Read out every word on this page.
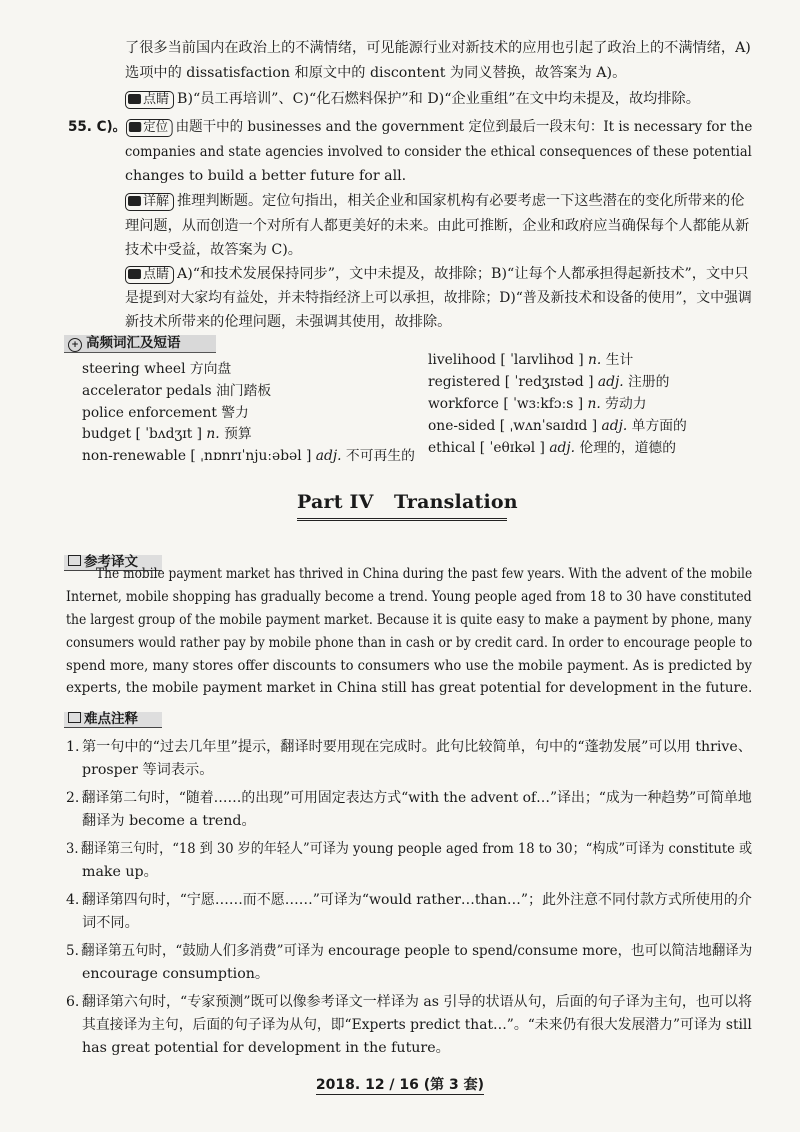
了很多当前国内在政治上的不满情绪，可见能源行业对新技术的应用也引起了政治上的不满情绪，A)
选项中的 dissatisfaction 和原文中的 discontent 为同义替换，故答案为 A)。
点睛 B)“员工再培训”、C)“化石燃料保护”和 D)“企业重组”在文中均未提及，故均排除。
55. C)。 定位 由题干中的 businesses and the government 定位到最后一段末句：It is necessary for the
companies and state agencies involved to consider the ethical consequences of these potential
changes to build a better future for all.
详解 推理判断题。定位句指出，相关企业和国家机构有必要考虑一下这些潜在的变化所带来的伦
理问题，从而创造一个对所有人都更美好的未来。由此可推断，企业和政府应当确保每个人都能从新
技术中受益，故答案为 C)。
点睛 A)“和技术发展保持同步”，文中未提及，故排除；B)“让每个人都承担得起新技术”，文中只
是提到对大家均有益处，并未特指经济上可以承担，故排除；D)“普及新技术和设备的使用”，文中强调
新技术所带来的伦理问题，未强调其使用，故排除。
+ 高频词汇及短语
steering wheel 方向盘
accelerator pedals 油门踏板
police enforcement 警力
budget [ ˈbʌdʒɪt ] n. 预算
non-renewable [ ˌnɒnrɪˈnjuːəbəl ] adj. 不可再生的
livelihood [ ˈlaɪvlihʊd ] n. 生计
registered [ ˈredʒɪstəd ] adj. 注册的
workforce [ ˈwɜːkfɔːs ] n. 劳动力
one-sided [ ˌwʌnˈsaɪdɪd ] adj. 单方面的
ethical [ ˈeθɪkəl ] adj. 伦理的，道德的
Part IV   Translation
参考译文
The mobile payment market has thrived in China during the past few years. With the advent of the mobile
Internet, mobile shopping has gradually become a trend. Young people aged from 18 to 30 have constituted
the largest group of the mobile payment market. Because it is quite easy to make a payment by phone, many
consumers would rather pay by mobile phone than in cash or by credit card. In order to encourage people to
spend more, many stores offer discounts to consumers who use the mobile payment. As is predicted by
experts, the mobile payment market in China still has great potential for development in the future.
难点注释
1. 第一句中的“过去几年里”提示，翻译时要用现在完成时。此句比较简单，句中的“蓬勃发展”可以用 thrive、
prosper 等词表示。
2. 翻译第二句时，“随着……的出现”可用固定表达方式“with the advent of…”译出；“成为一种趋势”可简单地
翻译为 become a trend。
3. 翻译第三句时，“18 到 30 岁的年轻人”可译为 young people aged from 18 to 30；“构成”可译为 constitute 或
make up。
4. 翻译第四句时，“宁愿……而不愿……”可译为“would rather…than…”；此外注意不同付款方式所使用的介
词不同。
5. 翻译第五句时，“鼓励人们多消费”可译为 encourage people to spend/consume more，也可以简洁地翻译为
encourage consumption。
6. 翻译第六句时，“专家预测”既可以像参考译文一样译为 as 引导的状语从句，后面的句子译为主句，也可以将
其直接译为主句，后面的句子译为从句，即“Experts predict that…”。“未来仍有很大发展潜力”可译为 still
has great potential for development in the future。
2018. 12 / 16 (第 3 套)
